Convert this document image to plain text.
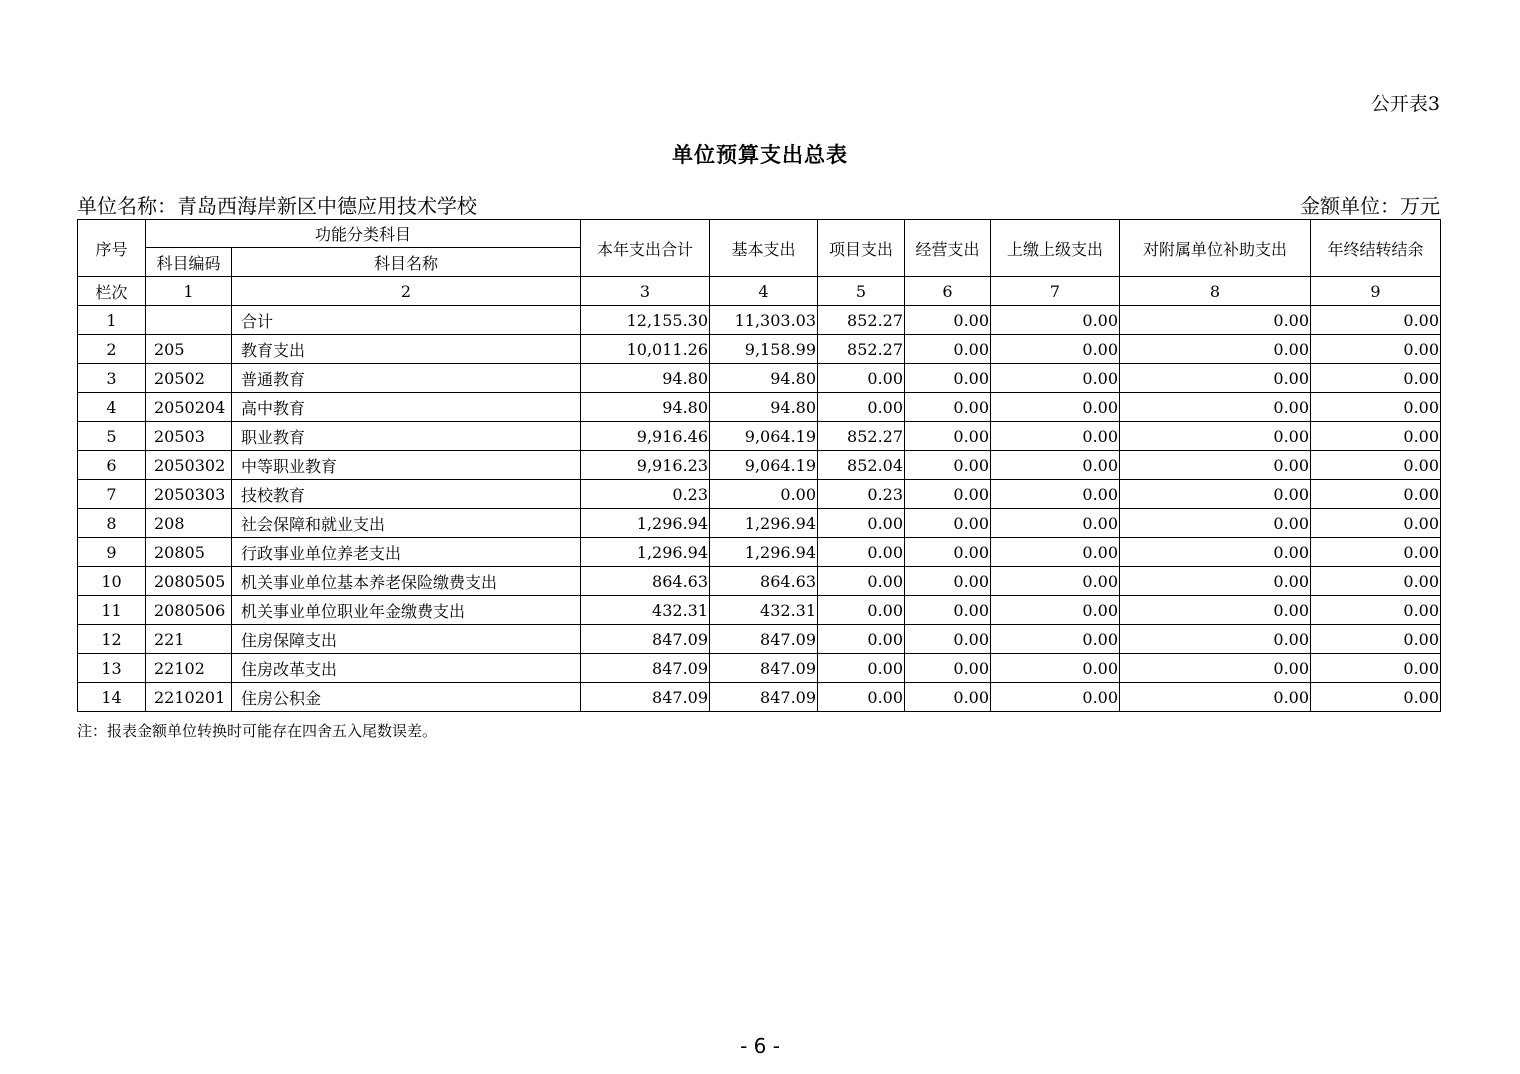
公开表3
单位预算支出总表
单位名称：青岛西海岸新区中德应用技术学校	金额单位：万元
序号	功能分类科目		本年支出合计	基本支出	项目支出	经营支出	上缴上级支出	对附属单位补助支出	年终结转结余
	科目编码	科目名称							
栏次	1	2	3	4	5	6	7	8	9
1		合计	12,155.30	11,303.03	852.27	0.00	0.00	0.00	0.00
2	205	教育支出	10,011.26	9,158.99	852.27	0.00	0.00	0.00	0.00
3	20502	普通教育	94.80	94.80	0.00	0.00	0.00	0.00	0.00
4	2050204	高中教育	94.80	94.80	0.00	0.00	0.00	0.00	0.00
5	20503	职业教育	9,916.46	9,064.19	852.27	0.00	0.00	0.00	0.00
6	2050302	中等职业教育	9,916.23	9,064.19	852.04	0.00	0.00	0.00	0.00
7	2050303	技校教育	0.23	0.00	0.23	0.00	0.00	0.00	0.00
8	208	社会保障和就业支出	1,296.94	1,296.94	0.00	0.00	0.00	0.00	0.00
9	20805	行政事业单位养老支出	1,296.94	1,296.94	0.00	0.00	0.00	0.00	0.00
10	2080505	机关事业单位基本养老保险缴费支出	864.63	864.63	0.00	0.00	0.00	0.00	0.00
11	2080506	机关事业单位职业年金缴费支出	432.31	432.31	0.00	0.00	0.00	0.00	0.00
12	221	住房保障支出	847.09	847.09	0.00	0.00	0.00	0.00	0.00
13	22102	住房改革支出	847.09	847.09	0.00	0.00	0.00	0.00	0.00
14	2210201	住房公积金	847.09	847.09	0.00	0.00	0.00	0.00	0.00
注：报表金额单位转换时可能存在四舍五入尾数误差。
- 6 -
